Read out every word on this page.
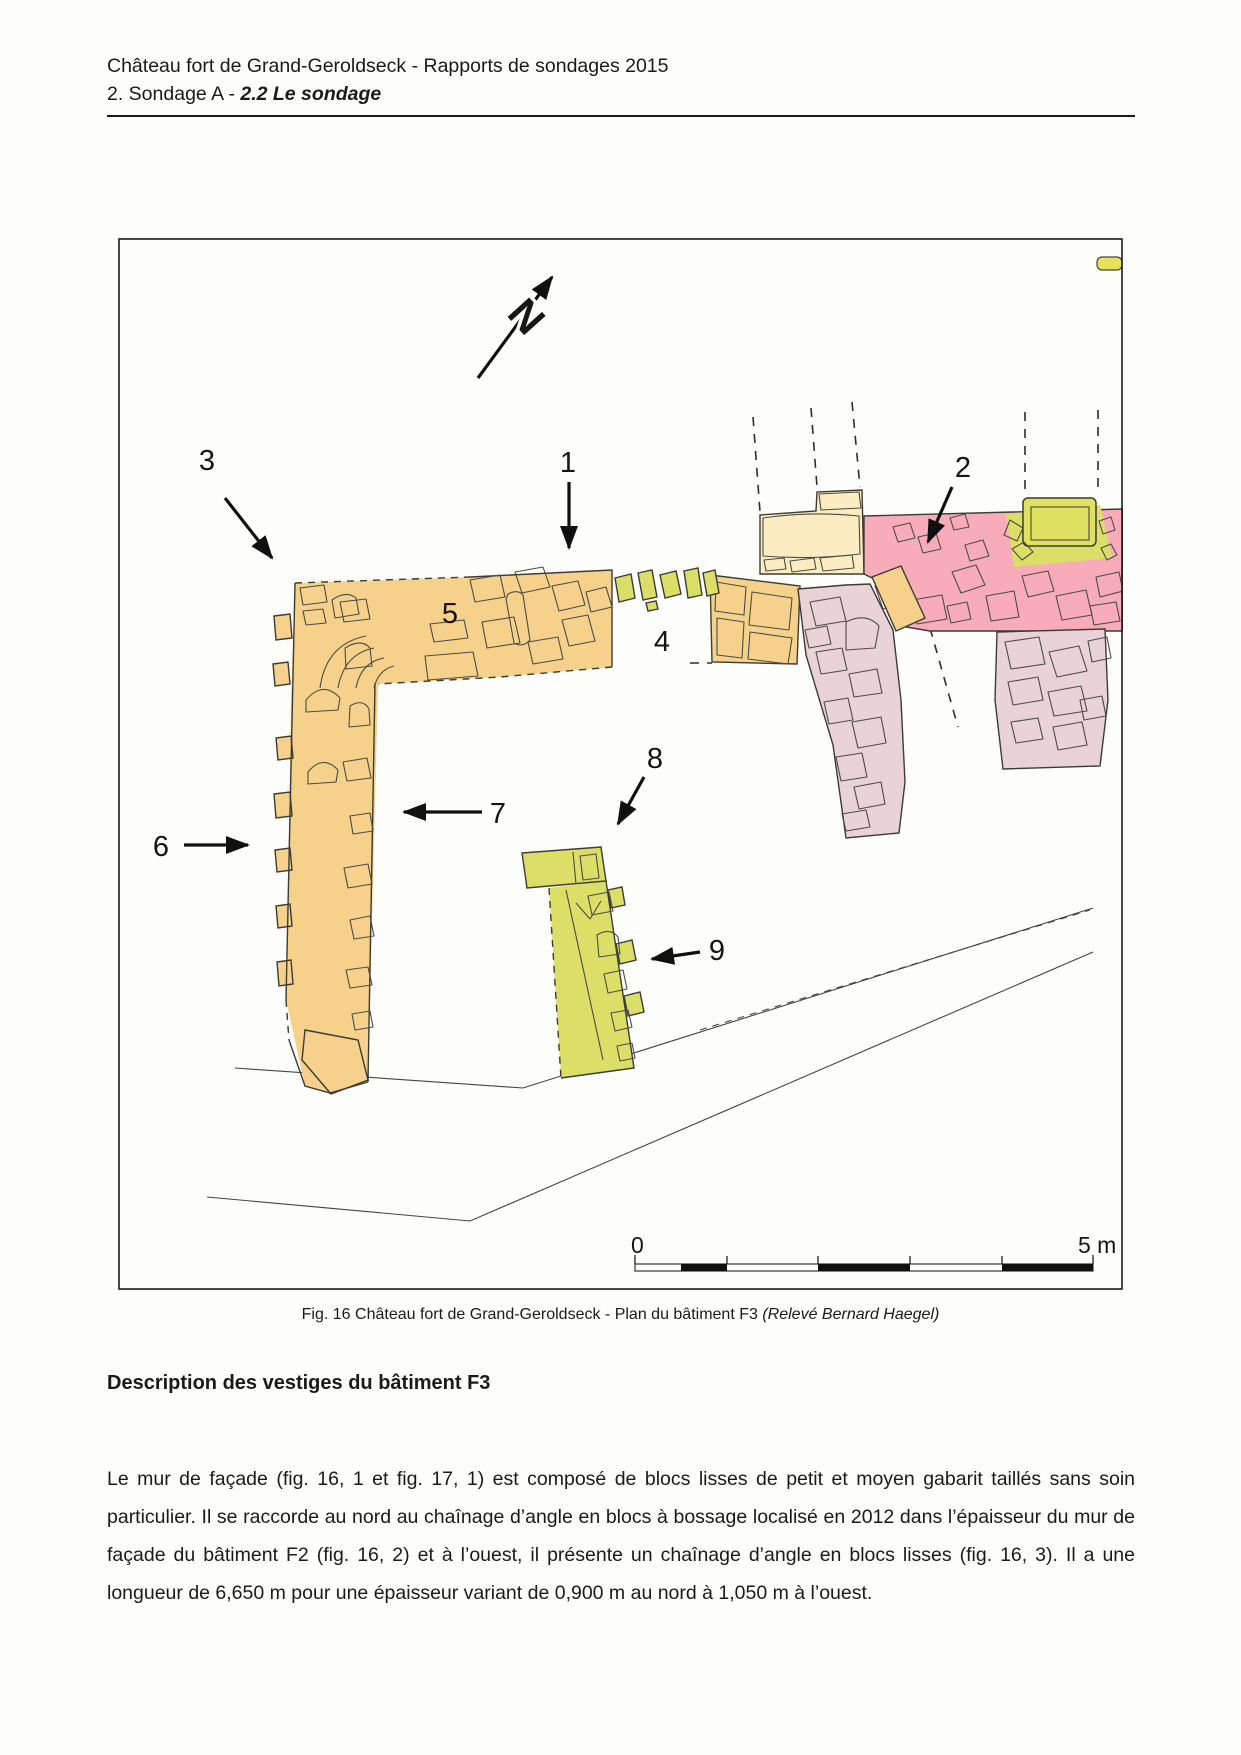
Château fort de Grand-Geroldseck - Rapports de sondages 2015
2. Sondage A - 2.2 Le sondage
N
1	2
3
4
5
6
7
8
9
0	5 m
Fig. 16 Château fort de Grand-Geroldseck - Plan du bâtiment F3 (Relevé Bernard Haegel)
Description des vestiges du bâtiment F3

Le mur de façade (fig. 16, 1 et fig. 17, 1) est composé de blocs lisses de petit et moyen gabarit taillés sans soin particulier. Il se raccorde au nord au chaînage d’angle en blocs à bossage localisé en 2012 dans l’épaisseur du mur de façade du bâtiment F2 (fig. 16, 2) et à l’ouest, il présente un chaînage d’angle en blocs lisses (fig. 16, 3). Il a une longueur de 6,650 m pour une épaisseur variant de 0,900 m au nord à 1,050 m à l’ouest.
